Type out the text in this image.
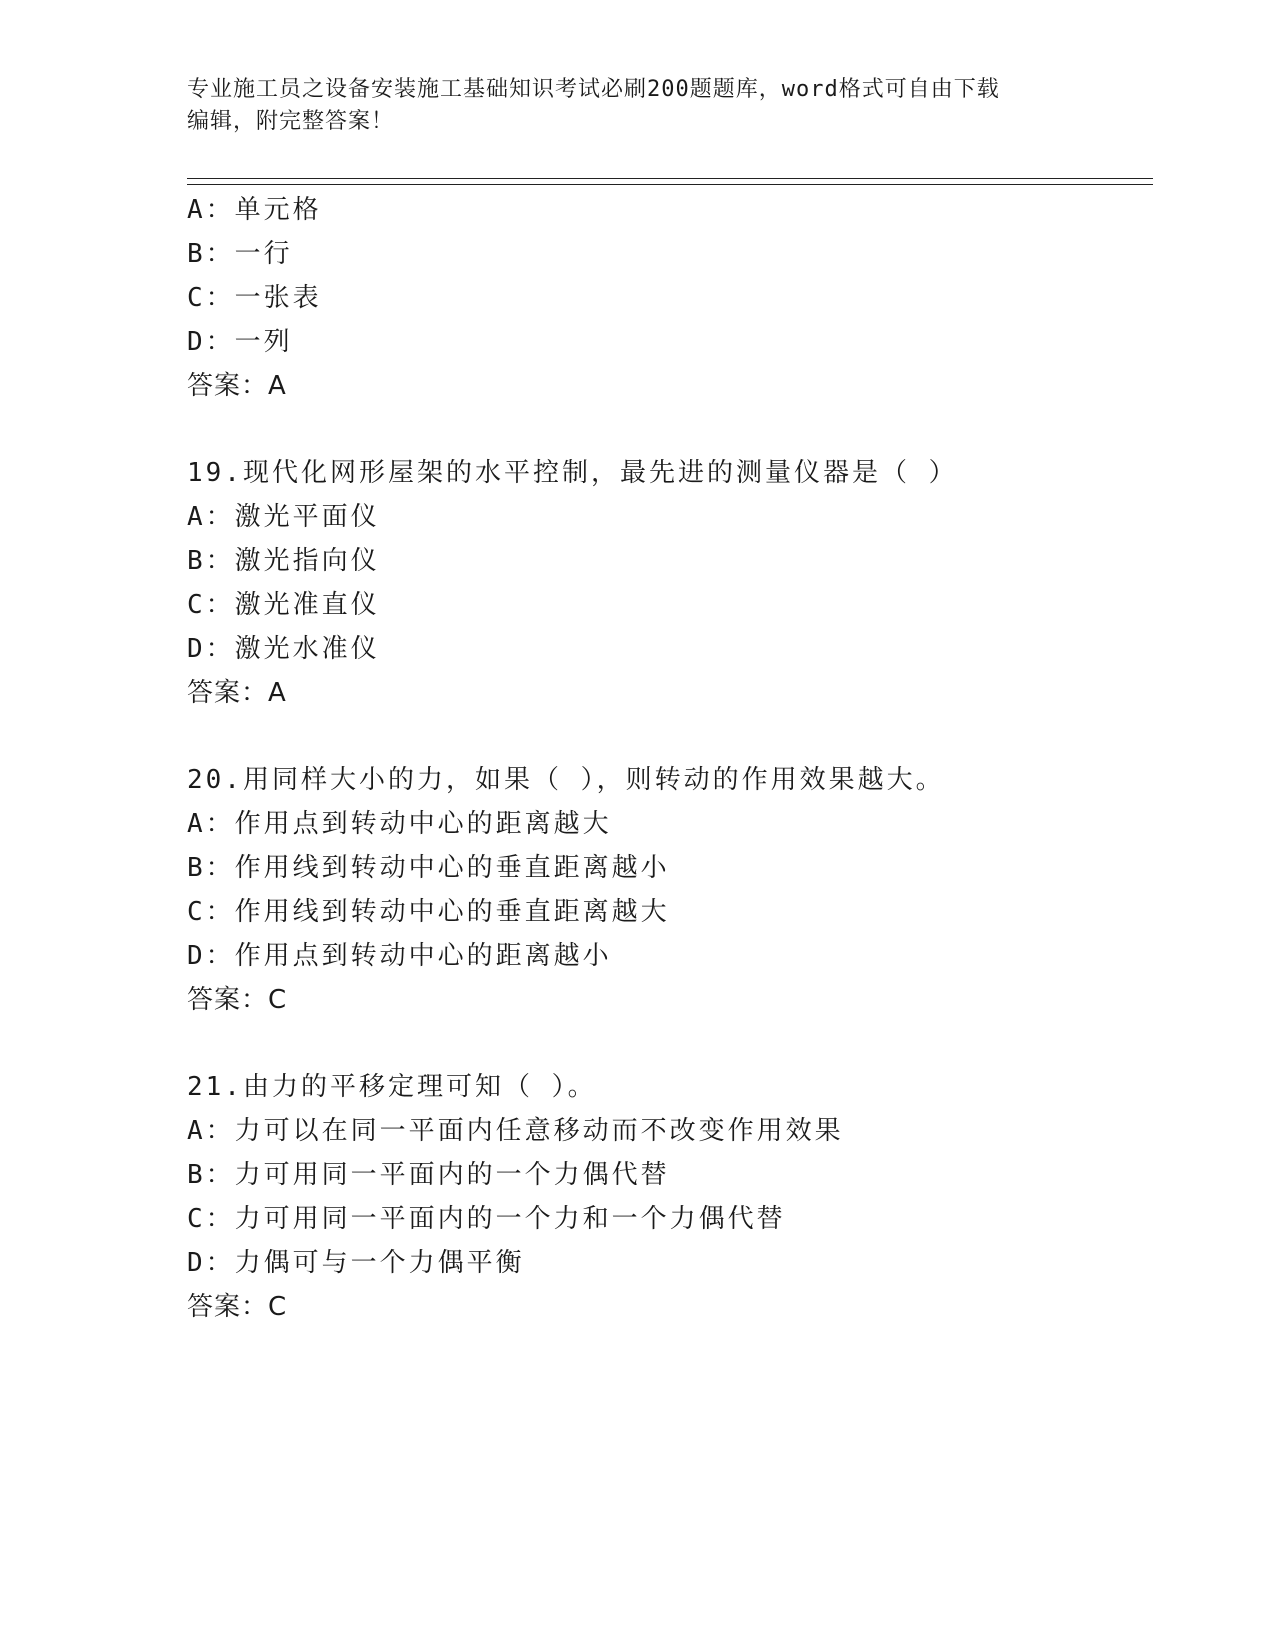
专业施工员之设备安装施工基础知识考试必刷200题题库，word格式可自由下载
编辑，附完整答案！
A：单元格
B：一行
C：一张表
D：一列
答案：A
19.现代化网形屋架的水平控制，最先进的测量仪器是（ ）
A：激光平面仪
B：激光指向仪
C：激光准直仪
D：激光水准仪
答案：A
20.用同样大小的力，如果（ ），则转动的作用效果越大。
A：作用点到转动中心的距离越大
B：作用线到转动中心的垂直距离越小
C：作用线到转动中心的垂直距离越大
D：作用点到转动中心的距离越小
答案：C
21.由力的平移定理可知（ ）。
A：力可以在同一平面内任意移动而不改变作用效果
B：力可用同一平面内的一个力偶代替
C：力可用同一平面内的一个力和一个力偶代替
D：力偶可与一个力偶平衡
答案：C
